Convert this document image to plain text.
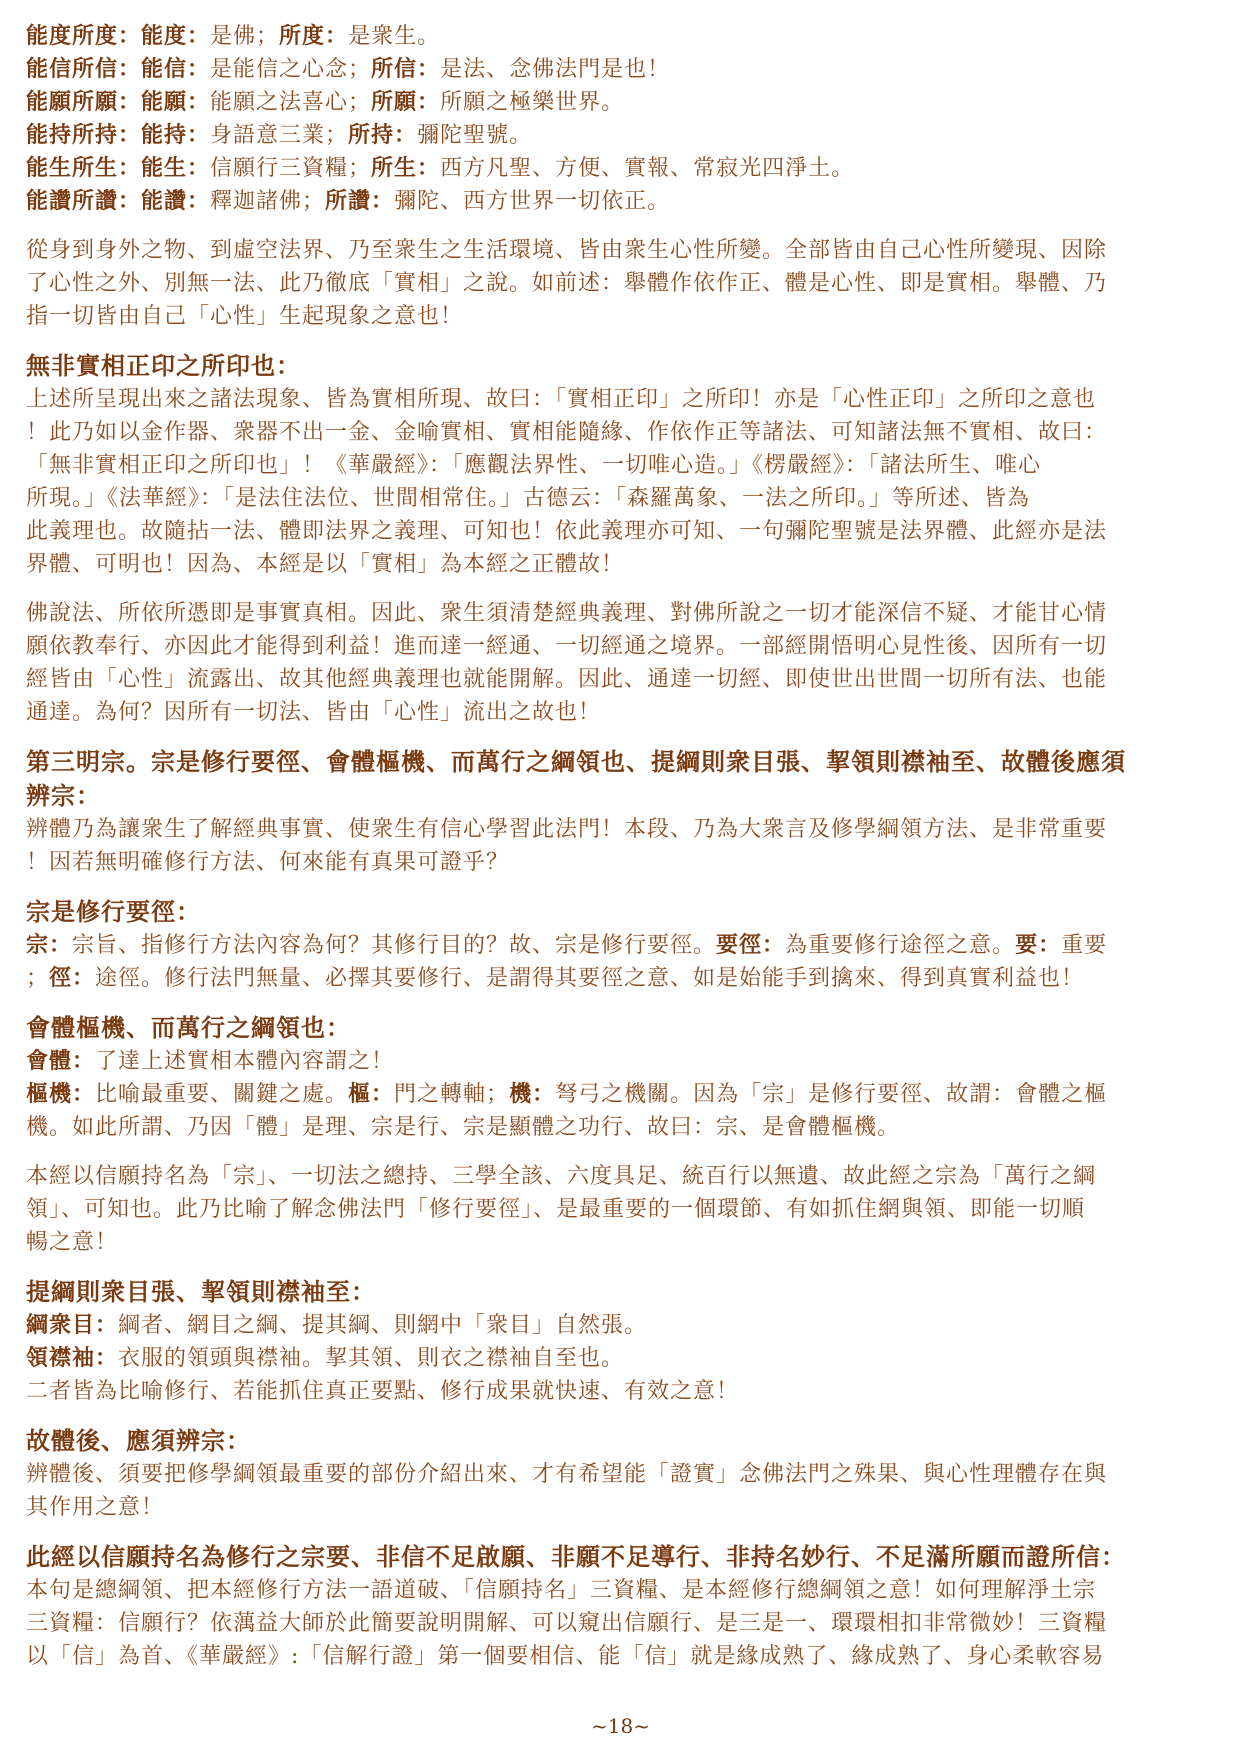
能度所度：能度：是佛；所度：是衆生。
能信所信：能信：是能信之心念；所信：是法、念佛法門是也！
能願所願：能願：能願之法喜心；所願：所願之極樂世界。
能持所持：能持：身語意三業；所持：彌陀聖號。
能生所生：能生：信願行三資糧；所生：西方凡聖、方便、實報、常寂光四淨土。
能讚所讚：能讚：釋迦諸佛；所讚：彌陀、西方世界一切依正。
從身到身外之物、到虛空法界、乃至衆生之生活環境、皆由衆生心性所變。全部皆由自己心性所變現、因除
了心性之外、別無一法、此乃徹底「實相」之說。如前述：舉體作依作正、體是心性、即是實相。舉體、乃
指一切皆由自己「心性」生起現象之意也！
無非實相正印之所印也：
上述所呈現出來之諸法現象、皆為實相所現、故曰：「實相正印」之所印！亦是「心性正印」之所印之意也
！此乃如以金作器、衆器不出一金、金喻實相、實相能隨緣、作依作正等諸法、可知諸法無不實相、故曰：
「無非實相正印之所印也」！《華嚴經》：「應觀法界性、一切唯心造。」《楞嚴經》：「諸法所生、唯心
所現。」《法華經》：「是法住法位、世間相常住。」古德云：「森羅萬象、一法之所印。」等所述、皆為
此義理也。故隨拈一法、體即法界之義理、可知也！依此義理亦可知、一句彌陀聖號是法界體、此經亦是法
界體、可明也！因為、本經是以「實相」為本經之正體故！
佛說法、所依所憑即是事實真相。因此、衆生須清楚經典義理、對佛所說之一切才能深信不疑、才能甘心情
願依教奉行、亦因此才能得到利益！進而達一經通、一切經通之境界。一部經開悟明心見性後、因所有一切
經皆由「心性」流露出、故其他經典義理也就能開解。因此、通達一切經、即使世出世間一切所有法、也能
通達。為何？因所有一切法、皆由「心性」流出之故也！
第三明宗。宗是修行要徑、會體樞機、而萬行之綱領也、提綱則衆目張、挈領則襟袖至、故體後應須
辨宗：
辨體乃為讓衆生了解經典事實、使衆生有信心學習此法門！本段、乃為大衆言及修學綱領方法、是非常重要
！因若無明確修行方法、何來能有真果可證乎？
宗是修行要徑：
宗：宗旨、指修行方法內容為何？其修行目的？故、宗是修行要徑。要徑：為重要修行途徑之意。要：重要
；徑：途徑。修行法門無量、必擇其要修行、是謂得其要徑之意、如是始能手到擒來、得到真實利益也！
會體樞機、而萬行之綱領也：
會體：了達上述實相本體內容謂之！
樞機：比喻最重要、關鍵之處。樞：門之轉軸；機：弩弓之機關。因為「宗」是修行要徑、故謂：會體之樞
機。如此所謂、乃因「體」是理、宗是行、宗是顯體之功行、故曰：宗、是會體樞機。
本經以信願持名為「宗」、一切法之總持、三學全該、六度具足、統百行以無遺、故此經之宗為「萬行之綱
領」、可知也。此乃比喻了解念佛法門「修行要徑」、是最重要的一個環節、有如抓住網與領、即能一切順
暢之意！
提綱則衆目張、挈領則襟袖至：
綱衆目：綱者、網目之綱、提其綱、則網中「衆目」自然張。
領襟袖：衣服的領頭與襟袖。挈其領、則衣之襟袖自至也。
二者皆為比喻修行、若能抓住真正要點、修行成果就快速、有效之意！
故體後、應須辨宗：
辨體後、須要把修學綱領最重要的部份介紹出來、才有希望能「證實」念佛法門之殊果、與心性理體存在與
其作用之意！
此經以信願持名為修行之宗要、非信不足啟願、非願不足導行、非持名妙行、不足滿所願而證所信：
本句是總綱領、把本經修行方法一語道破、「信願持名」三資糧、是本經修行總綱領之意！如何理解淨土宗
三資糧：信願行？依蕅益大師於此簡要說明開解、可以窺出信願行、是三是一、環環相扣非常微妙！三資糧
以「信」為首、《華嚴經》:「信解行證」第一個要相信、能「信」就是緣成熟了、緣成熟了、身心柔軟容易
~18~
